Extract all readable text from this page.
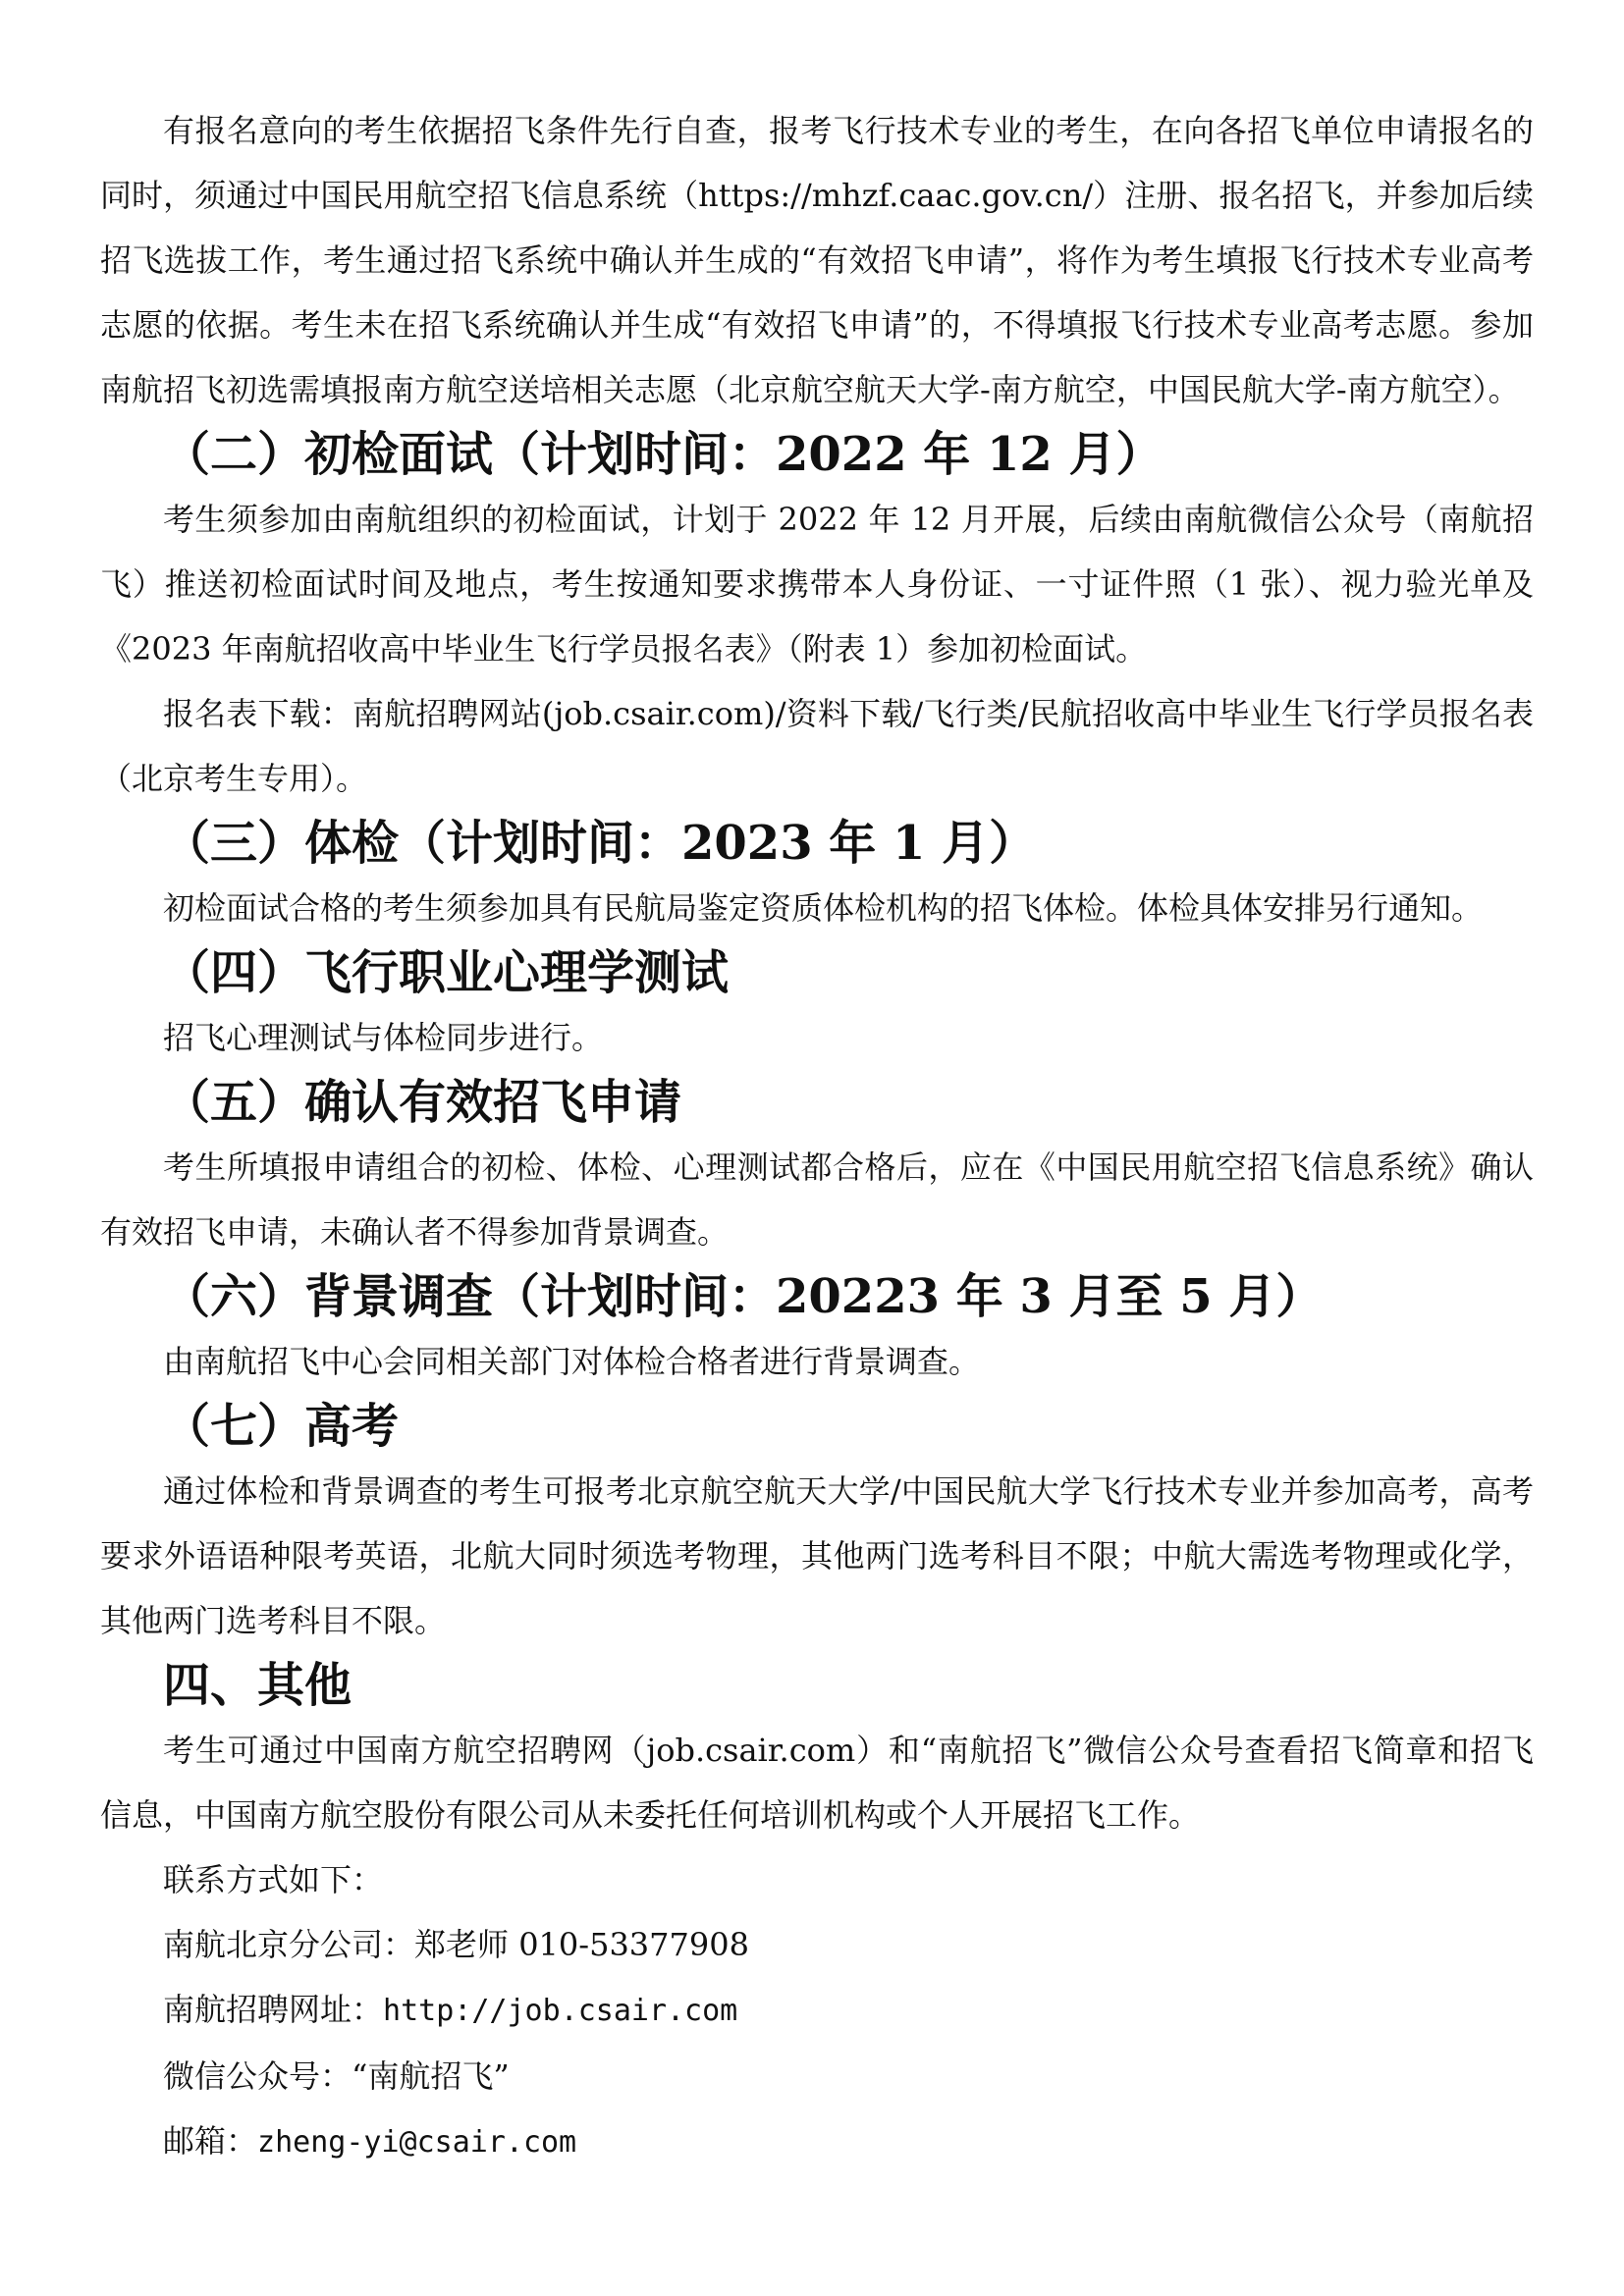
有报名意向的考生依据招飞条件先行自查，报考飞行技术专业的考生，在向各招飞单位申请报名的同时，须通过中国民用航空招飞信息系统（https://mhzf.caac.gov.cn/）注册、报名招飞，并参加后续招飞选拔工作，考生通过招飞系统中确认并生成的“有效招飞申请”，将作为考生填报飞行技术专业高考志愿的依据。考生未在招飞系统确认并生成“有效招飞申请”的，不得填报飞行技术专业高考志愿。参加南航招飞初选需填报南方航空送培相关志愿（北京航空航天大学-南方航空，中国民航大学-南方航空）。

（二）初检面试（计划时间：2022 年 12 月）

考生须参加由南航组织的初检面试，计划于 2022 年 12 月开展，后续由南航微信公众号（南航招飞）推送初检面试时间及地点，考生按通知要求携带本人身份证、一寸证件照（1 张）、视力验光单及《2023 年南航招收高中毕业生飞行学员报名表》（附表 1）参加初检面试。

报名表下载：南航招聘网站(job.csair.com)/资料下载/飞行类/民航招收高中毕业生飞行学员报名表（北京考生专用）。

（三）体检（计划时间：2023 年 1 月）

初检面试合格的考生须参加具有民航局鉴定资质体检机构的招飞体检。体检具体安排另行通知。

（四）飞行职业心理学测试

招飞心理测试与体检同步进行。

（五）确认有效招飞申请

考生所填报申请组合的初检、体检、心理测试都合格后，应在《中国民用航空招飞信息系统》确认有效招飞申请，未确认者不得参加背景调查。

（六）背景调查（计划时间：20223 年 3 月至 5 月）

由南航招飞中心会同相关部门对体检合格者进行背景调查。

（七）高考

通过体检和背景调查的考生可报考北京航空航天大学/中国民航大学飞行技术专业并参加高考，高考要求外语语种限考英语，北航大同时须选考物理，其他两门选考科目不限；中航大需选考物理或化学，其他两门选考科目不限。

四、其他

考生可通过中国南方航空招聘网（job.csair.com）和“南航招飞”微信公众号查看招飞简章和招飞信息，中国南方航空股份有限公司从未委托任何培训机构或个人开展招飞工作。

联系方式如下：

南航北京分公司：郑老师 010-53377908

南航招聘网址：http://job.csair.com

微信公众号：“南航招飞”

邮箱：zheng-yi@csair.com
